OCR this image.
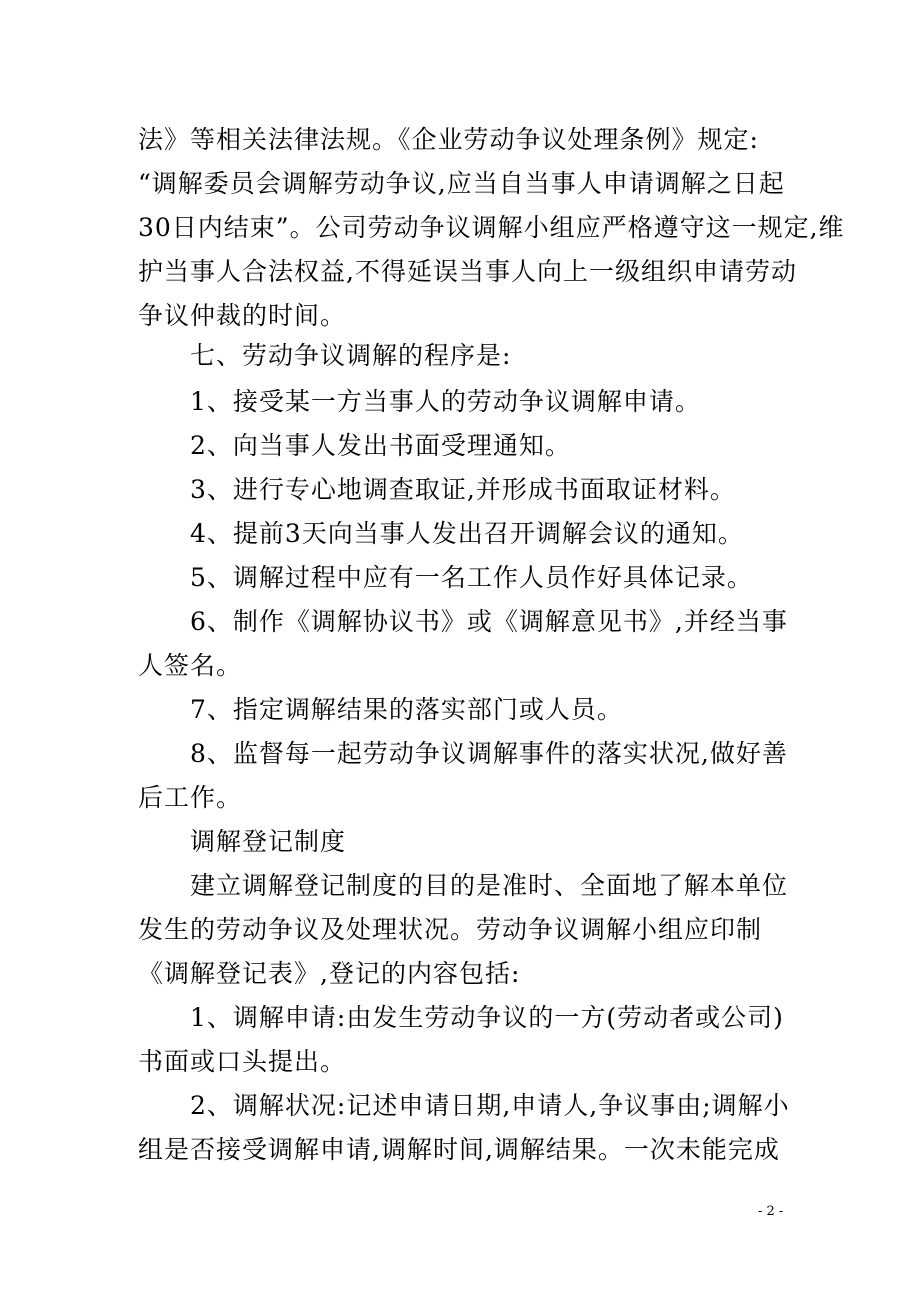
法》等相关法律法规。《企业劳动争议处理条例》规定:
“调解委员会调解劳动争议,应当自当事人申请调解之日起
30日内结束”。公司劳动争议调解小组应严格遵守这一规定,维
护当事人合法权益,不得延误当事人向上一级组织申请劳动
争议仲裁的时间。
七、劳动争议调解的程序是:
1、接受某一方当事人的劳动争议调解申请。
2、向当事人发出书面受理通知。
3、进行专心地调查取证,并形成书面取证材料。
4、提前3天向当事人发出召开调解会议的通知。
5、调解过程中应有一名工作人员作好具体记录。
6、制作《调解协议书》或《调解意见书》,并经当事
人签名。
7、指定调解结果的落实部门或人员。
8、监督每一起劳动争议调解事件的落实状况,做好善
后工作。
调解登记制度
建立调解登记制度的目的是准时、全面地了解本单位
发生的劳动争议及处理状况。劳动争议调解小组应印制
《调解登记表》,登记的内容包括:
1、调解申请:由发生劳动争议的一方(劳动者或公司)
书面或口头提出。
2、调解状况:记述申请日期,申请人,争议事由;调解小
组是否接受调解申请,调解时间,调解结果。一次未能完成
- 2 -
